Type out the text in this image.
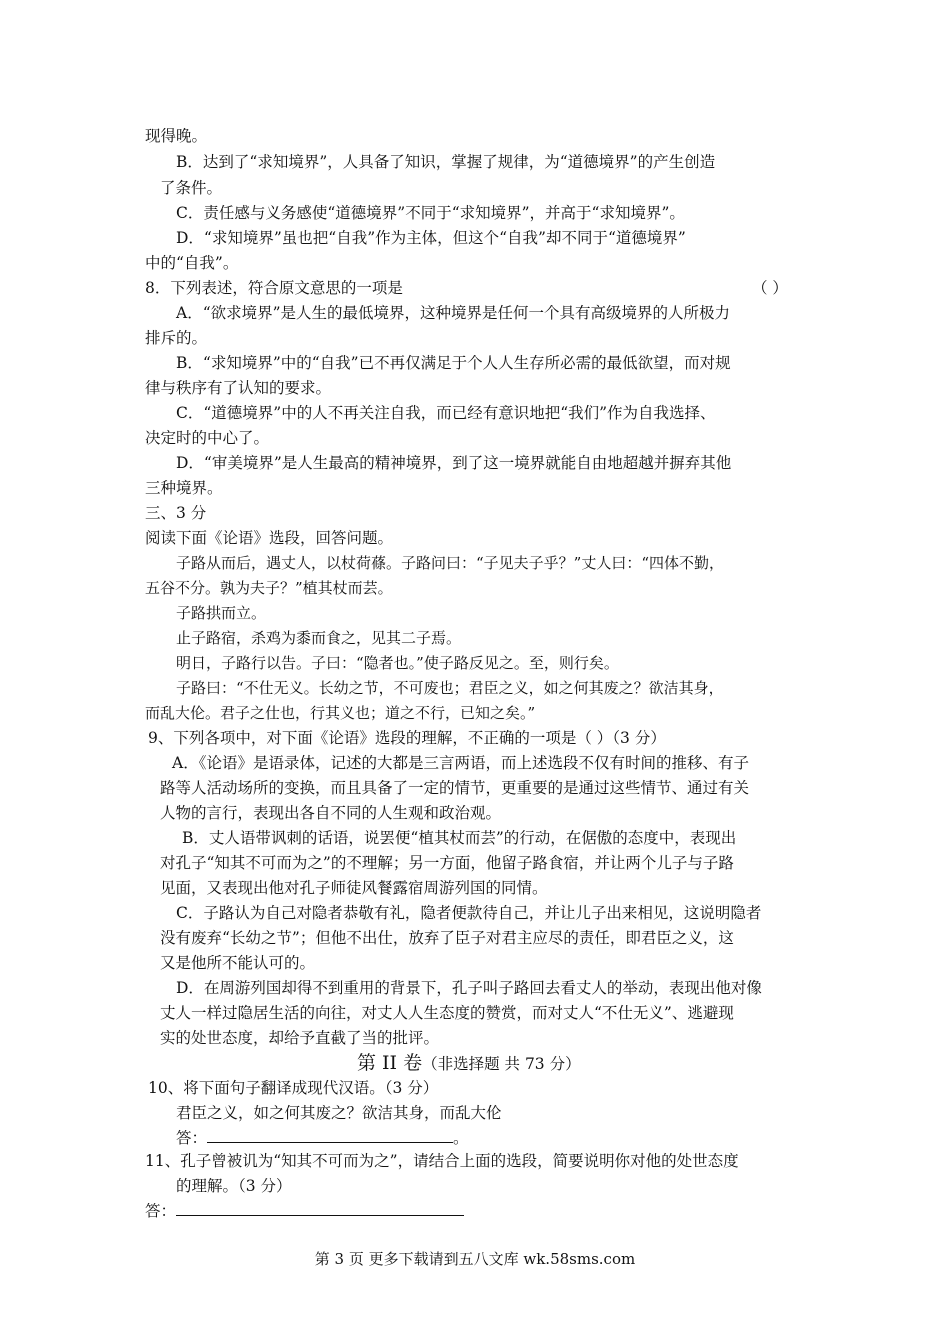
现得晚。
B．达到了“求知境界”，人具备了知识，掌握了规律，为“道德境界”的产生创造
了条件。
C．责任感与义务感使“道德境界”不同于“求知境界”，并高于“求知境界”。
D．“求知境界”虽也把“自我”作为主体，但这个“自我”却不同于“道德境界”
中的“自我”。
8．下列表述，符合原文意思的一项是	（ ）
A．“欲求境界”是人生的最低境界，这种境界是任何一个具有高级境界的人所极力
排斥的。
B．“求知境界”中的“自我”已不再仅满足于个人人生存所必需的最低欲望，而对规
律与秩序有了认知的要求。
C．“道德境界”中的人不再关注自我，而已经有意识地把“我们”作为自我选择、
决定时的中心了。
D．“审美境界”是人生最高的精神境界，到了这一境界就能自由地超越并摒弃其他
三种境界。
三、3 分
阅读下面《论语》选段，回答问题。
子路从而后，遇丈人，以杖荷蓧。子路问曰：“子见夫子乎？”丈人曰：“四体不勤，
五谷不分。孰为夫子？”植其杖而芸。
子路拱而立。
止子路宿，杀鸡为黍而食之，见其二子焉。
明日，子路行以告。子曰：“隐者也。”使子路反见之。至，则行矣。
子路曰：“不仕无义。长幼之节，不可废也；君臣之义，如之何其废之？欲洁其身，
而乱大伦。君子之仕也，行其义也；道之不行，已知之矣。”
9、下列各项中，对下面《论语》选段的理解，不正确的一项是（ ）（3 分）
A．《论语》是语录体，记述的大都是三言两语，而上述选段不仅有时间的推移、有子
路等人活动场所的变换，而且具备了一定的情节，更重要的是通过这些情节、通过有关
人物的言行，表现出各自不同的人生观和政治观。
B．丈人语带讽刺的话语，说罢便“植其杖而芸”的行动，在倨傲的态度中，表现出
对孔子“知其不可而为之”的不理解；另一方面，他留子路食宿，并让两个儿子与子路
见面，又表现出他对孔子师徒风餐露宿周游列国的同情。
C．子路认为自己对隐者恭敬有礼，隐者便款待自己，并让儿子出来相见，这说明隐者
没有废弃“长幼之节”；但他不出仕，放弃了臣子对君主应尽的责任，即君臣之义，这
又是他所不能认可的。
D．在周游列国却得不到重用的背景下，孔子叫子路回去看丈人的举动，表现出他对像
丈人一样过隐居生活的向往，对丈人人生态度的赞赏，而对丈人“不仕无义”、逃避现
实的处世态度，却给予直截了当的批评。
第 II 卷（非选择题 共 73 分）
10、将下面句子翻译成现代汉语。（3 分）
君臣之义，如之何其废之？欲洁其身，而乱大伦
答：	。
11、孔子曾被讥为“知其不可而为之”，请结合上面的选段，简要说明你对他的处世态度
的理解。（3 分）
答：
第 3 页 更多下载请到五八文库 wk.58sms.com
